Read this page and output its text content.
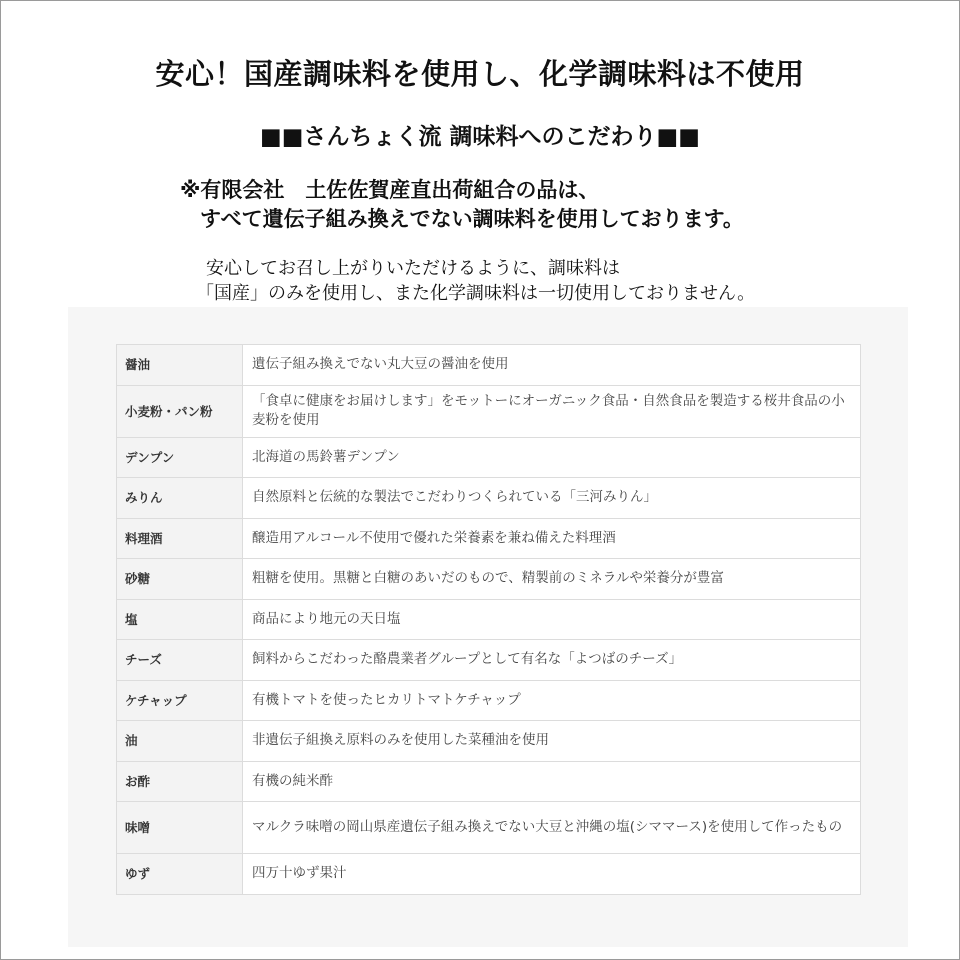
安心！国産調味料を使用し、化学調味料は不使用
■■さんちょく流 調味料へのこだわり■■
※有限会社　土佐佐賀産直出荷組合の品は、
すべて遺伝子組み換えでない調味料を使用しております。
安心してお召し上がりいただけるように、調味料は
「国産」のみを使用し、また化学調味料は一切使用しておりません。
醤油	遺伝子組み換えでない丸大豆の醤油を使用
小麦粉・パン粉	「食卓に健康をお届けします」をモットーにオーガニック食品・自然食品を製造する桜井食品の小麦粉を使用
デンプン	北海道の馬鈴薯デンプン
みりん	自然原料と伝統的な製法でこだわりつくられている「三河みりん」
料理酒	醸造用アルコール不使用で優れた栄養素を兼ね備えた料理酒
砂糖	粗糖を使用。黒糖と白糖のあいだのもので、精製前のミネラルや栄養分が豊富
塩	商品により地元の天日塩
チーズ	飼料からこだわった酪農業者グループとして有名な「よつばのチーズ」
ケチャップ	有機トマトを使ったヒカリトマトケチャップ
油	非遺伝子組換え原料のみを使用した菜種油を使用
お酢	有機の純米酢
味噌	マルクラ味噌の岡山県産遺伝子組み換えでない大豆と沖縄の塩(シママース)を使用して作ったもの
ゆず	四万十ゆず果汁
